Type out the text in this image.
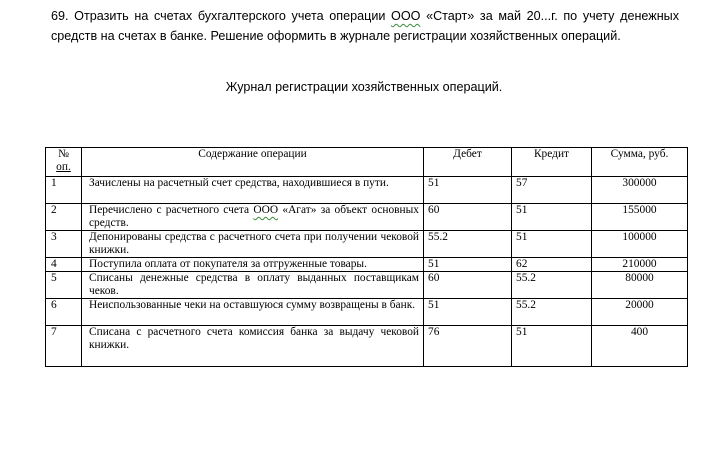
69. Отразить на счетах бухгалтерского учета операции ООО «Старт» за май 20...г. по учету денежных средств на счетах в банке. Решение оформить в журнале регистрации хозяйственных операций.
Журнал регистрации хозяйственных операций.
№
оп.	Содержание операции	Дебет	Кредит	Сумма, руб.
1	Зачислены на расчетный счет средства, находившиеся в пути.	51	57	300000
2	Перечислено с расчетного счета ООО «Агат» за объект основных средств.	60	51	155000
3	Депонированы средства с расчетного счета при получении чековой книжки.	55.2	51	100000
4	Поступила оплата от покупателя за отгруженные товары.	51	62	210000
5	Списаны денежные средства в оплату выданных поставщикам чеков.	60	55.2	80000
6	Неиспользованные чеки на оставшуюся сумму возвращены в банк.	51	55.2	20000
7	Списана с расчетного счета комиссия банка за выдачу чековой книжки.	76	51	400
